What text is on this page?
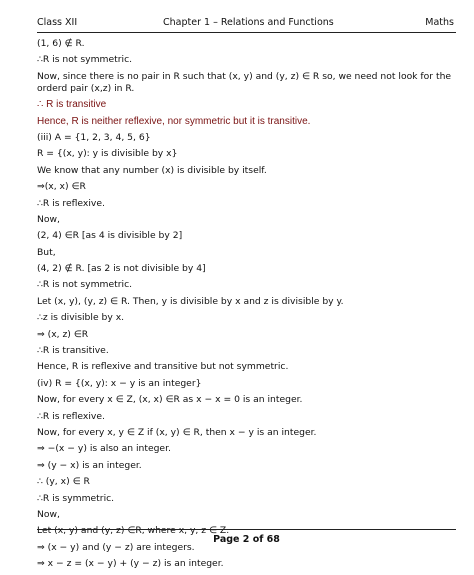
Class XII	Chapter 1 – Relations and Functions	Maths
(1, 6) ∉ R.
∴R is not symmetric.
Now, since there is no pair in R such that (x, y) and (y, z) ∈ R so, we need not look for the orderd pair (x,z) in R.
∴ R is transitive
Hence, R is neither reflexive, nor symmetric but it is transitive.
(iii) A = {1, 2, 3, 4, 5, 6}
R = {(x, y): y is divisible by x}
We know that any number (x) is divisible by itself.
⇒(x, x) ∈R
∴R is reflexive.
Now,
(2, 4) ∈R [as 4 is divisible by 2]
But,
(4, 2) ∉ R. [as 2 is not divisible by 4]
∴R is not symmetric.
Let (x, y), (y, z) ∈ R. Then, y is divisible by x and z is divisible by y.
∴z is divisible by x.
⇒ (x, z) ∈R
∴R is transitive.
Hence, R is reflexive and transitive but not symmetric.
(iv) R = {(x, y): x − y is an integer}
Now, for every x ∈ Z, (x, x) ∈R as x − x = 0 is an integer.
∴R is reflexive.
Now, for every x, y ∈ Z if (x, y) ∈ R, then x − y is an integer.
⇒ −(x − y) is also an integer.
⇒ (y − x) is an integer.
∴ (y, x) ∈ R
∴R is symmetric.
Now,
Let (x, y) and (y, z) ∈R, where x, y, z ∈ Z.
⇒ (x − y) and (y − z) are integers.
⇒ x − z = (x − y) + (y − z) is an integer.
Page 2 of 68
